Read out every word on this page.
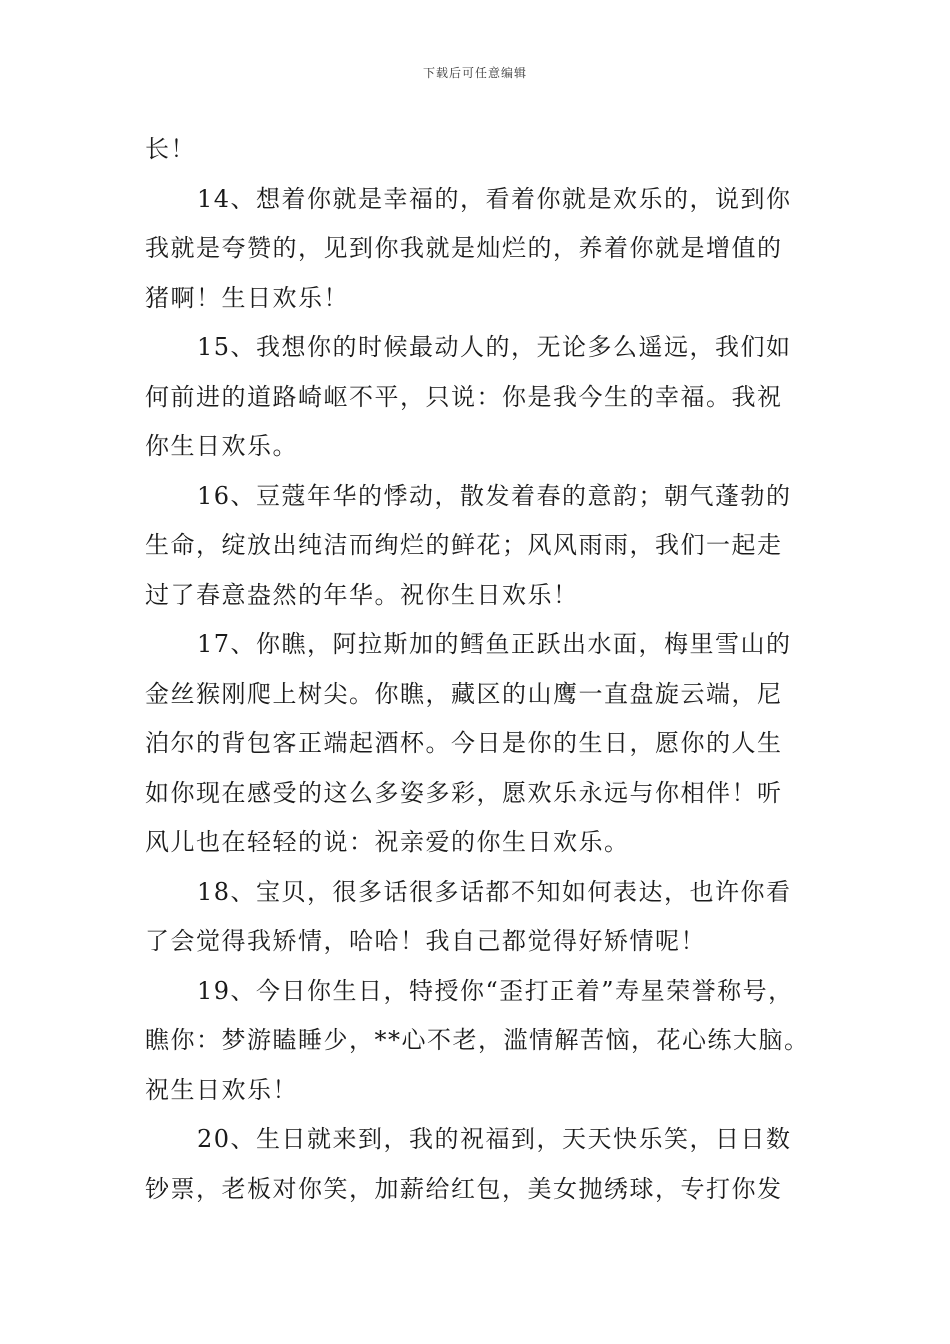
下载后可任意编辑
长！
14、想着你就是幸福的，看着你就是欢乐的，说到你
我就是夸赞的，见到你我就是灿烂的，养着你就是增值的
猪啊！生日欢乐！
15、我想你的时候最动人的，无论多么遥远，我们如
何前进的道路崎岖不平，只说：你是我今生的幸福。我祝
你生日欢乐。
16、豆蔻年华的悸动，散发着春的意韵；朝气蓬勃的
生命，绽放出纯洁而绚烂的鲜花；风风雨雨，我们一起走
过了春意盎然的年华。祝你生日欢乐！
17、你瞧，阿拉斯加的鳕鱼正跃出水面，梅里雪山的
金丝猴刚爬上树尖。你瞧，藏区的山鹰一直盘旋云端，尼
泊尔的背包客正端起酒杯。今日是你的生日，愿你的人生
如你现在感受的这么多姿多彩，愿欢乐永远与你相伴！听
风儿也在轻轻的说：祝亲爱的你生日欢乐。
18、宝贝，很多话很多话都不知如何表达，也许你看
了会觉得我矫情，哈哈！我自己都觉得好矫情呢！
19、今日你生日，特授你“歪打正着”寿星荣誉称号，
瞧你：梦游瞌睡少，**心不老，滥情解苦恼，花心练大脑。
祝生日欢乐！
20、生日就来到，我的祝福到，天天快乐笑，日日数
钞票，老板对你笑，加薪给红包，美女抛绣球，专打你发
